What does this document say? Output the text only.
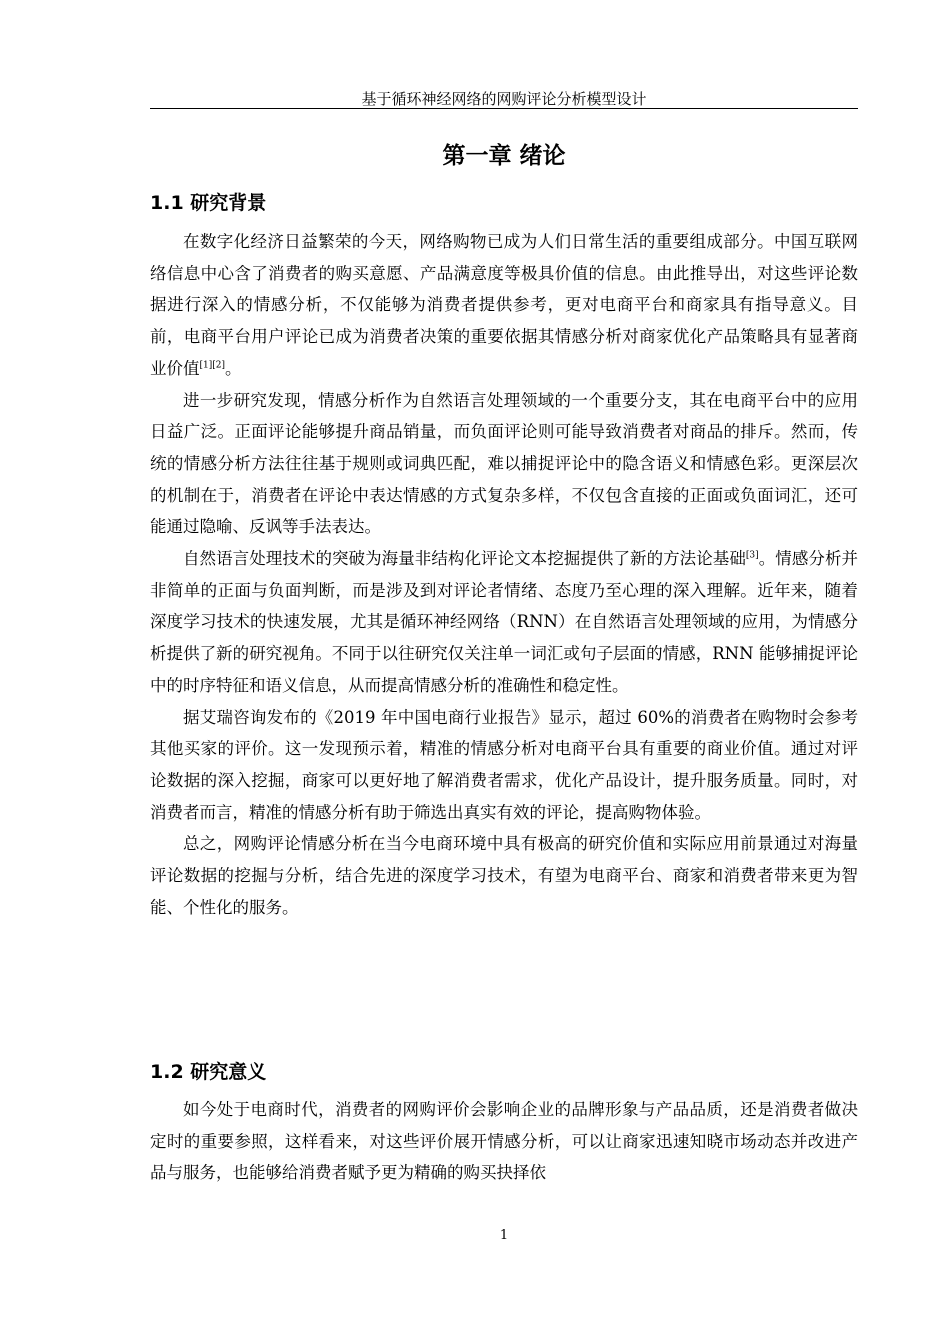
基于循环神经网络的网购评论分析模型设计
第一章 绪论
1.1 研究背景

在数字化经济日益繁荣的今天，网络购物已成为人们日常生活的重要组成部分。中国互联网络信息中心含了消费者的购买意愿、产品满意度等极具价值的信息。由此推导出，对这些评论数据进行深入的情感分析，不仅能够为消费者提供参考，更对电商平台和商家具有指导意义。目前，电商平台用户评论已成为消费者决策的重要依据其情感分析对商家优化产品策略具有显著商业价值[1][2]。

进一步研究发现，情感分析作为自然语言处理领域的一个重要分支，其在电商平台中的应用日益广泛。正面评论能够提升商品销量，而负面评论则可能导致消费者对商品的排斥。然而，传统的情感分析方法往往基于规则或词典匹配，难以捕捉评论中的隐含语义和情感色彩。更深层次的机制在于，消费者在评论中表达情感的方式复杂多样，不仅包含直接的正面或负面词汇，还可能通过隐喻、反讽等手法表达。

自然语言处理技术的突破为海量非结构化评论文本挖掘提供了新的方法论基础[3]。情感分析并非简单的正面与负面判断，而是涉及到对评论者情绪、态度乃至心理的深入理解。近年来，随着深度学习技术的快速发展，尤其是循环神经网络（RNN）在自然语言处理领域的应用，为情感分析提供了新的研究视角。不同于以往研究仅关注单一词汇或句子层面的情感，RNN 能够捕捉评论中的时序特征和语义信息，从而提高情感分析的准确性和稳定性。

据艾瑞咨询发布的《2019 年中国电商行业报告》显示，超过 60%的消费者在购物时会参考其他买家的评价。这一发现预示着，精准的情感分析对电商平台具有重要的商业价值。通过对评论数据的深入挖掘，商家可以更好地了解消费者需求，优化产品设计，提升服务质量。同时，对消费者而言，精准的情感分析有助于筛选出真实有效的评论，提高购物体验。

总之，网购评论情感分析在当今电商环境中具有极高的研究价值和实际应用前景通过对海量评论数据的挖掘与分析，结合先进的深度学习技术，有望为电商平台、商家和消费者带来更为智能、个性化的服务。

1.2 研究意义

如今处于电商时代，消费者的网购评价会影响企业的品牌形象与产品品质，还是消费者做决定时的重要参照，这样看来，对这些评价展开情感分析，可以让商家迅速知晓市场动态并改进产品与服务，也能够给消费者赋予更为精确的购买抉择依

1
